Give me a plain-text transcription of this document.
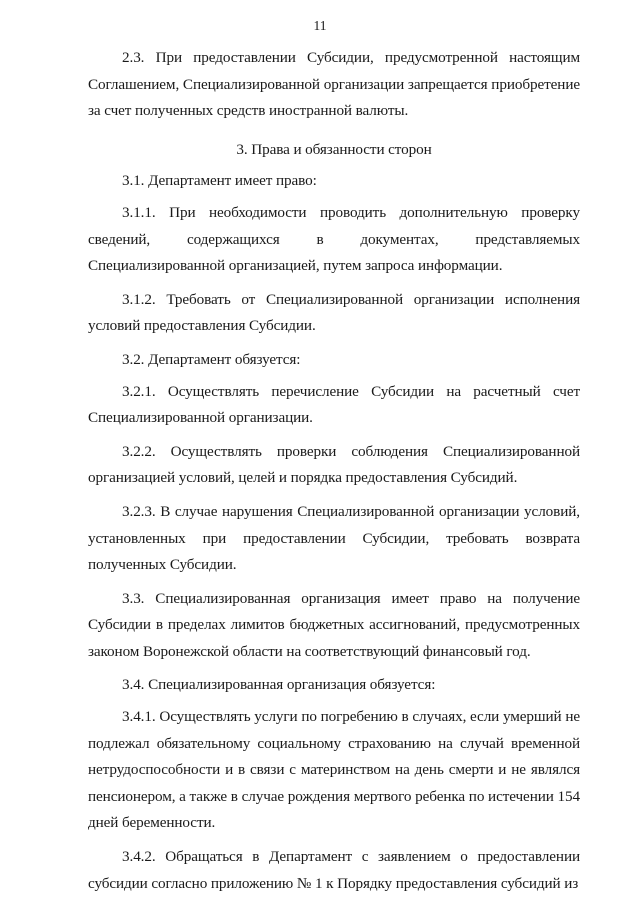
11

2.3. При предоставлении Субсидии, предусмотренной настоящим Соглашением, Специализированной организации запрещается приобретение за счет полученных средств иностранной валюты.

3. Права и обязанности сторон

3.1. Департамент имеет право:

3.1.1. При необходимости проводить дополнительную проверку сведений, содержащихся в документах, представляемых Специализированной организацией, путем запроса информации.

3.1.2. Требовать от Специализированной организации исполнения условий предоставления Субсидии.

3.2. Департамент обязуется:

3.2.1. Осуществлять перечисление Субсидии на расчетный счет Специализированной организации.

3.2.2. Осуществлять проверки соблюдения Специализированной организацией условий, целей и порядка предоставления Субсидий.

3.2.3. В случае нарушения Специализированной организации условий, установленных при предоставлении Субсидии, требовать возврата полученных Субсидии.

3.3. Специализированная организация имеет право на получение Субсидии в пределах лимитов бюджетных ассигнований, предусмотренных законом Воронежской области на соответствующий финансовый год.

3.4. Специализированная организация обязуется:

3.4.1. Осуществлять услуги по погребению в случаях, если умерший не подлежал обязательному социальному страхованию на случай временной нетрудоспособности и в связи с материнством на день смерти и не являлся пенсионером, а также в случае рождения мертвого ребенка по истечении 154 дней беременности.

3.4.2. Обращаться в Департамент с заявлением о предоставлении субсидии согласно приложению № 1 к Порядку предоставления субсидий из
